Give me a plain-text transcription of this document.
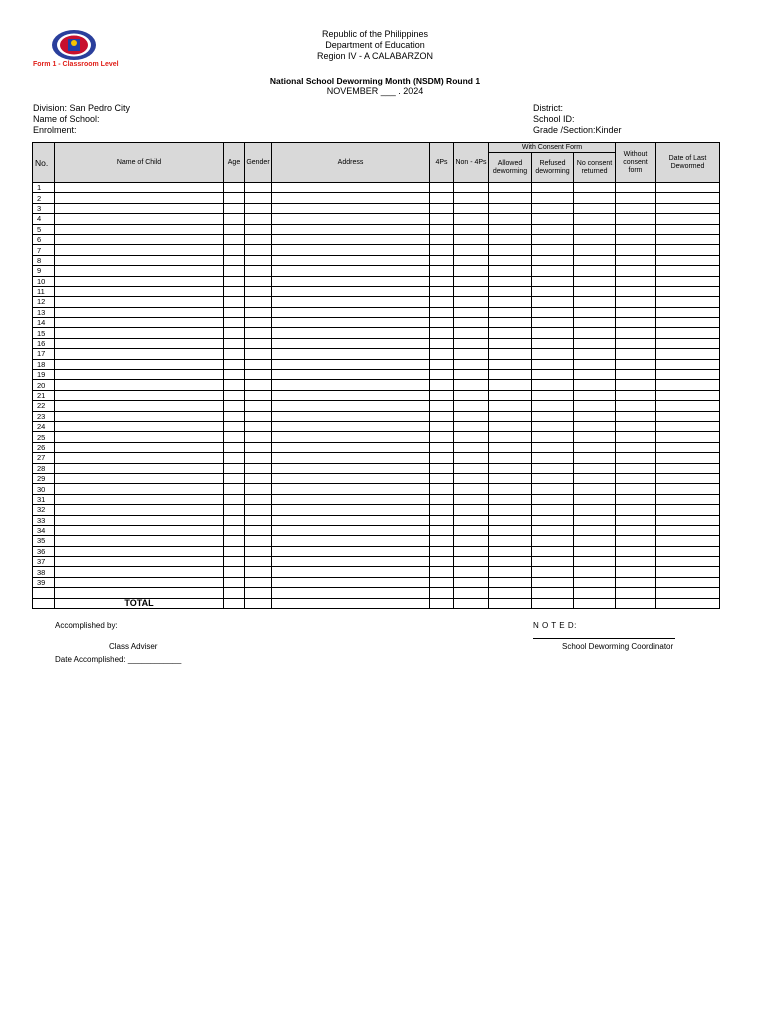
Form 1 - Classroom Level
Republic of the Philippines
Department of Education
Region IV - A CALABARZON
National School Deworming Month (NSDM) Round 1
NOVEMBER ___ . 2024
Division: San Pedro City
Name of School:
Enrolment:
District:
School ID:
Grade /Section:Kinder
No.	Name of Child	Age	Gender	Address	4Ps	Non - 4Ps	With Consent Form			Without consent form	Date of Last Dewormed
							Allowed deworming	Refused deworming	No consent returned		
1											
2											
3											
4											
5											
6											
7											
8											
9											
10											
11											
12											
13											
14											
15											
16											
17											
18											
19											
20											
21											
22											
23											
24											
25											
26											
27											
28											
29											
30											
31											
32											
33											
34											
35											
36											
37											
38											
39											

	TOTAL										
Accomplished by:
Class Adviser
Date Accomplished: ____________
N O T E D:
School Deworming Coordinator
